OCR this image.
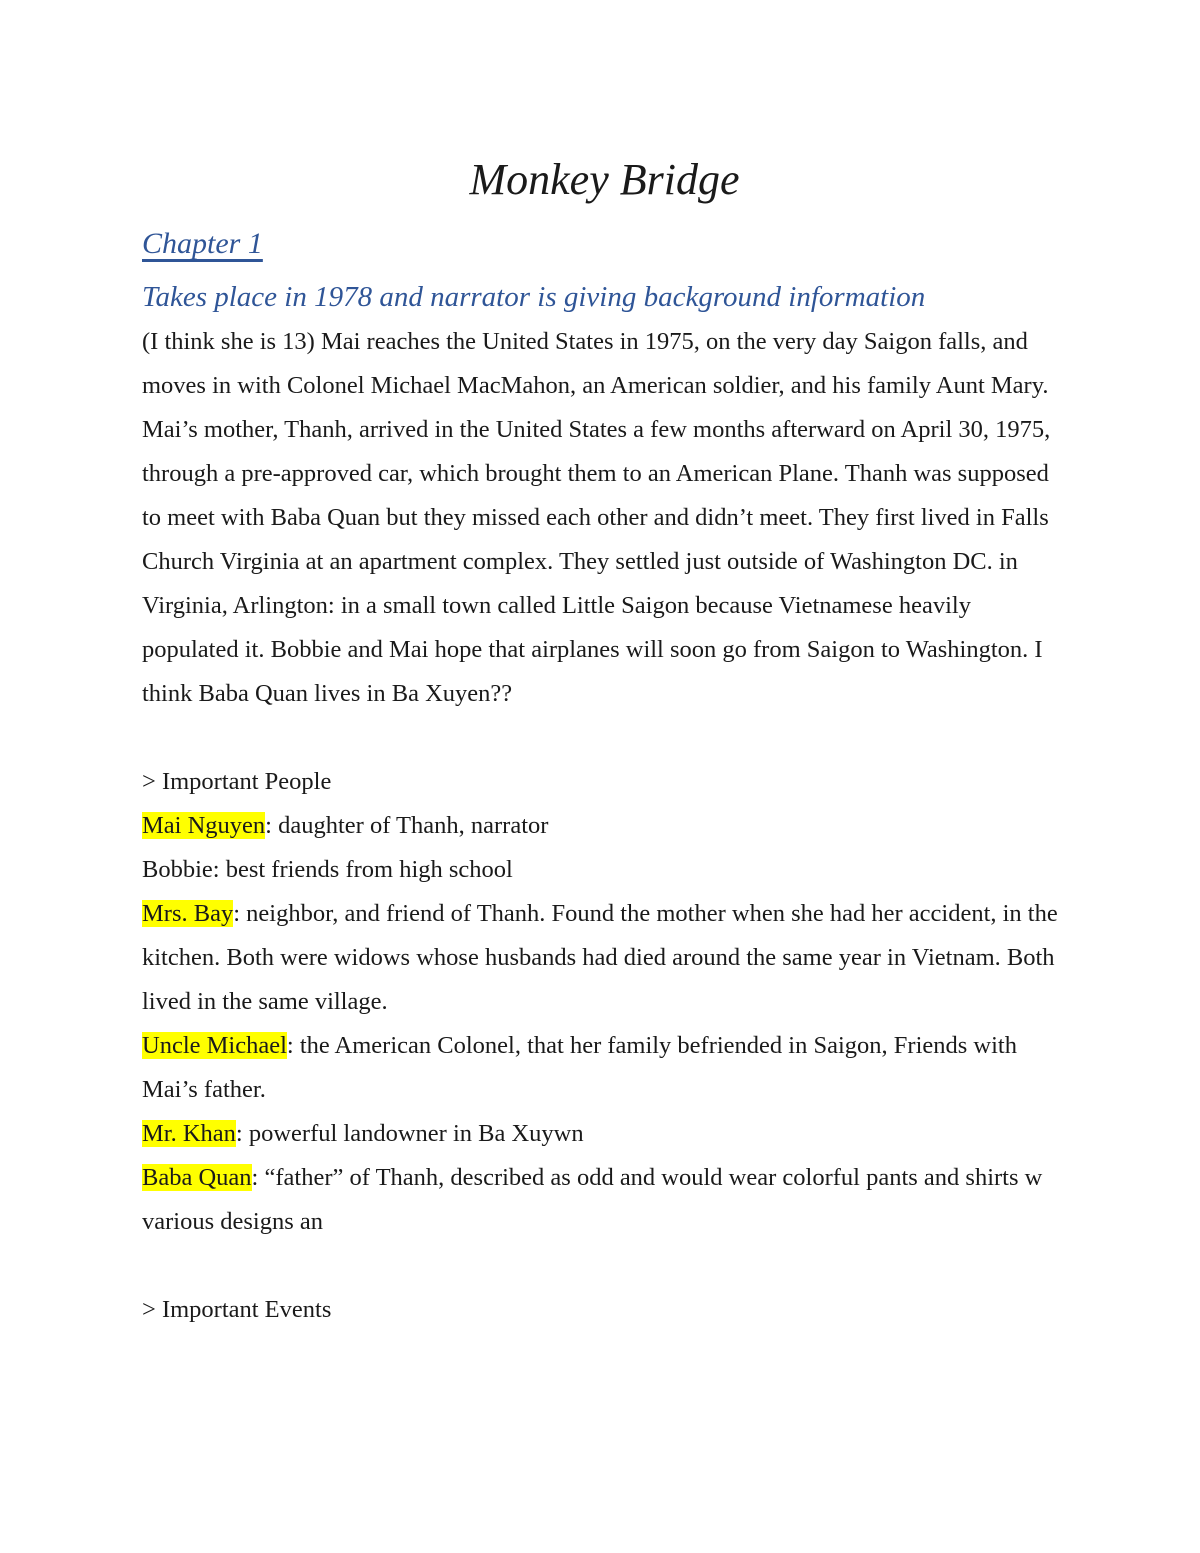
Monkey Bridge
Chapter 1
Takes place in 1978 and narrator is giving background information

(I think she is 13) Mai reaches the United States in 1975, on the very day Saigon falls, and moves in with Colonel Michael MacMahon, an American soldier, and his family Aunt Mary. Mai’s mother, Thanh, arrived in the United States a few months afterward on April 30, 1975, through a pre-approved car, which brought them to an American Plane. Thanh was supposed to meet with Baba Quan but they missed each other and didn’t meet. They first lived in Falls Church Virginia at an apartment complex. They settled just outside of Washington DC. in Virginia, Arlington: in a small town called Little Saigon because Vietnamese heavily populated it. Bobbie and Mai hope that airplanes will soon go from Saigon to Washington. I think Baba Quan lives in Ba Xuyen??

> Important People

Mai Nguyen: daughter of Thanh, narrator

Bobbie: best friends from high school

Mrs. Bay: neighbor, and friend of Thanh. Found the mother when she had her accident, in the kitchen. Both were widows whose husbands had died around the same year in Vietnam. Both lived in the same village.

Uncle Michael: the American Colonel, that her family befriended in Saigon, Friends with Mai’s father.

Mr. Khan: powerful landowner in Ba Xuywn

Baba Quan: “father” of Thanh, described as odd and would wear colorful pants and shirts w various designs an

> Important Events
